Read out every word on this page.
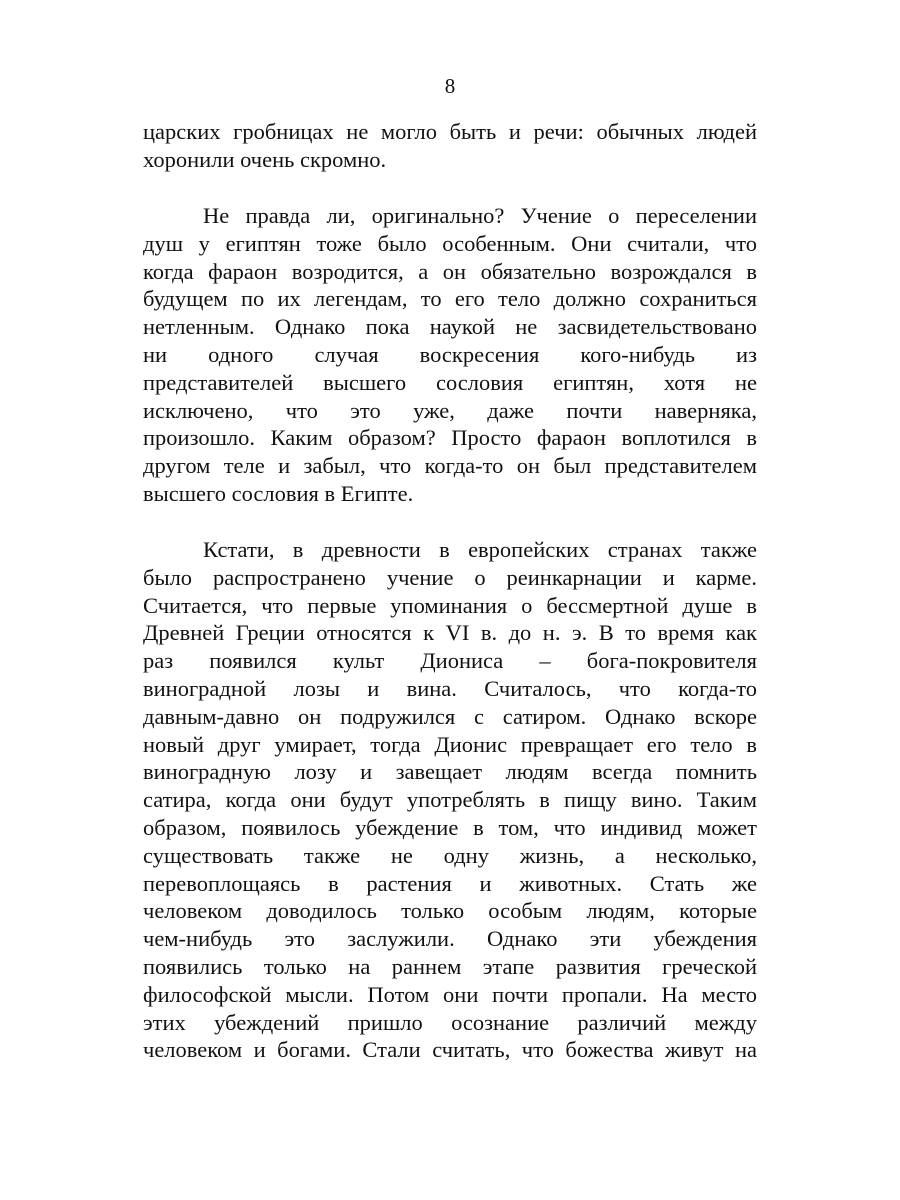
8
царских гробницах не могло быть и речи: обычных людей
хоронили очень скромно.
Не правда ли, оригинально? Учение о переселении
душ у египтян тоже было особенным. Они считали, что
когда фараон возродится, а он обязательно возрождался в
будущем по их легендам, то его тело должно сохраниться
нетленным. Однако пока наукой не засвидетельствовано
ни одного случая воскресения кого-нибудь из
представителей высшего сословия египтян, хотя не
исключено, что это уже, даже почти наверняка,
произошло. Каким образом? Просто фараон воплотился в
другом теле и забыл, что когда-то он был представителем
высшего сословия в Египте.
Кстати, в древности в европейских странах также
было распространено учение о реинкарнации и карме.
Считается, что первые упоминания о бессмертной душе в
Древней Греции относятся к VI в. до н. э. В то время как
раз появился культ Диониса – бога-покровителя
виноградной лозы и вина. Считалось, что когда-то
давным-давно он подружился с сатиром. Однако вскоре
новый друг умирает, тогда Дионис превращает его тело в
виноградную лозу и завещает людям всегда помнить
сатира, когда они будут употреблять в пищу вино. Таким
образом, появилось убеждение в том, что индивид может
существовать также не одну жизнь, а несколько,
перевоплощаясь в растения и животных. Стать же
человеком доводилось только особым людям, которые
чем-нибудь это заслужили. Однако эти убеждения
появились только на раннем этапе развития греческой
философской мысли. Потом они почти пропали. На место
этих убеждений пришло осознание различий между
человеком и богами. Стали считать, что божества живут на
